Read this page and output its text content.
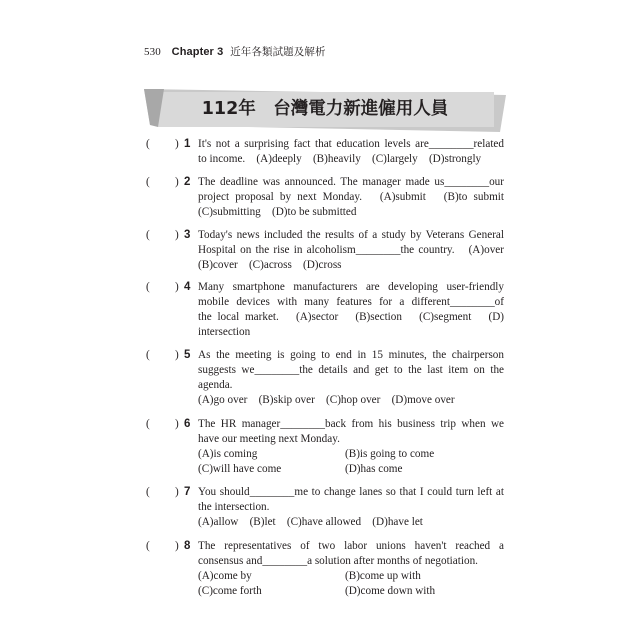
530 Chapter 3 近年各類試題及解析
112年　台灣電力新進僱用人員
( ) 1 It's not a surprising fact that education levels are________related
to income.　(A)deeply　(B)heavily　(C)largely　(D)strongly
( ) 2 The deadline was announced. The manager made us________our
project proposal by next Monday.　(A)submit　(B)to submit
(C)submitting　(D)to be submitted
( ) 3 Today's news included the results of a study by Veterans General
Hospital on the rise in alcoholism________the country.　(A)over
(B)cover　(C)across　(D)cross
( ) 4 Many smartphone manufacturers are developing user-friendly
mobile devices with many features for a different________of
the local market.　(A)sector　(B)section　(C)segment　(D)
intersection
( ) 5 As the meeting is going to end in 15 minutes, the chairperson
suggests we________the details and get to the last item on the
agenda.
(A)go over　(B)skip over　(C)hop over　(D)move over
( ) 6 The HR manager________back from his business trip when we
have our meeting next Monday.
(A)is coming	(B)is going to come
(C)will have come	(D)has come
( ) 7 You should________me to change lanes so that I could turn left at
the intersection.
(A)allow　(B)let　(C)have allowed　(D)have let
( ) 8 The representatives of two labor unions haven't reached a
consensus and________a solution after months of negotiation.
(A)come by	(B)come up with
(C)come forth	(D)come down with
